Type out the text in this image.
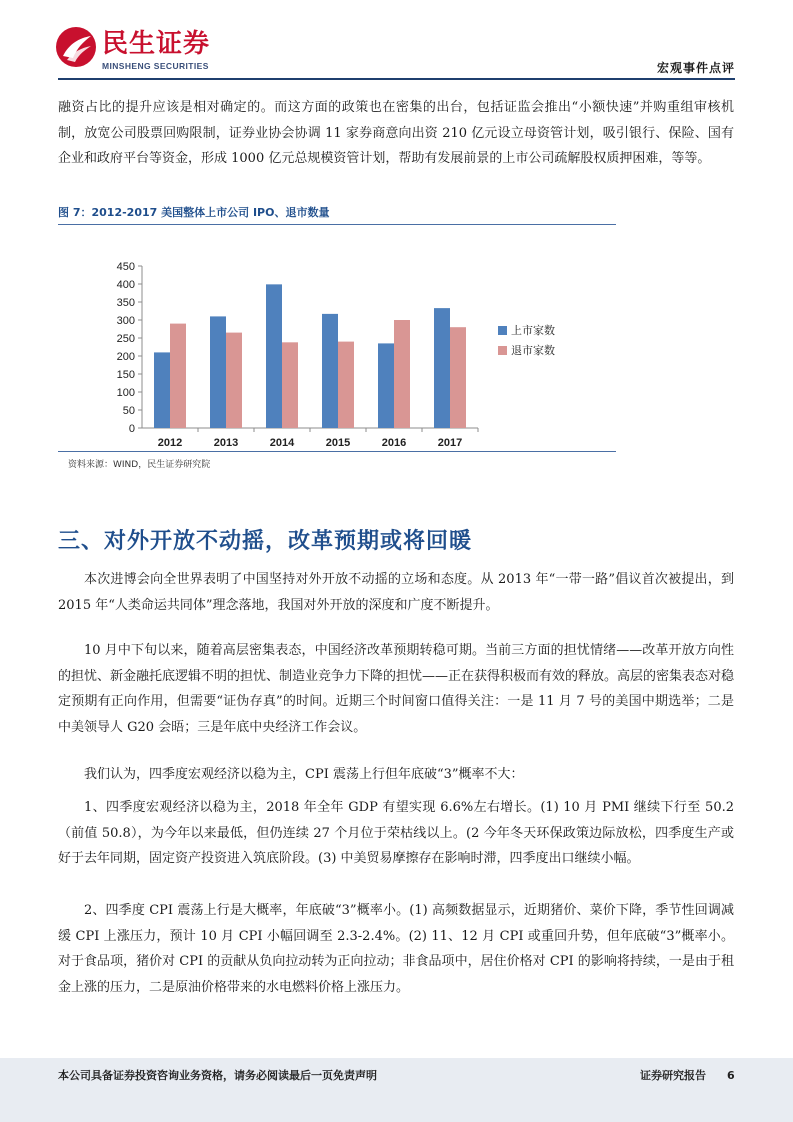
民生证券
MINSHENG SECURITIES	宏观事件点评
融资占比的提升应该是相对确定的。而这方面的政策也在密集的出台，包括证监会推出“小额快速”并购重组审核机制，放宽公司股票回购限制，证券业协会协调 11 家券商意向出资 210 亿元设立母资管计划，吸引银行、保险、国有企业和政府平台等资金，形成 1000 亿元总规模资管计划，帮助有发展前景的上市公司疏解股权质押困难，等等。
图 7：2012-2017 美国整体上市公司 IPO、退市数量
0
50
100
150
200
250
300
350
400
450
2012	2013	2014	2015	2016	2017
上市家数
退市家数
资料来源：WIND，民生证券研究院
三、对外开放不动摇，改革预期或将回暖
本次进博会向全世界表明了中国坚持对外开放不动摇的立场和态度。从 2013 年“一带一路”倡议首次被提出，到 2015 年“人类命运共同体”理念落地，我国对外开放的深度和广度不断提升。
10 月中下旬以来，随着高层密集表态，中国经济改革预期转稳可期。当前三方面的担忧情绪——改革开放方向性的担忧、新金融托底逻辑不明的担忧、制造业竞争力下降的担忧——正在获得积极而有效的释放。高层的密集表态对稳定预期有正向作用，但需要“证伪存真”的时间。近期三个时间窗口值得关注：一是 11 月 7 号的美国中期选举；二是中美领导人 G20 会晤；三是年底中央经济工作会议。
我们认为，四季度宏观经济以稳为主，CPI 震荡上行但年底破“3”概率不大：
1、四季度宏观经济以稳为主，2018 年全年 GDP 有望实现 6.6%左右增长。(1) 10 月 PMI 继续下行至 50.2（前值 50.8），为今年以来最低，但仍连续 27 个月位于荣枯线以上。(2 今年冬天环保政策边际放松，四季度生产或好于去年同期，固定资产投资进入筑底阶段。(3) 中美贸易摩擦存在影响时滞，四季度出口继续小幅。
2、四季度 CPI 震荡上行是大概率，年底破“3”概率小。(1) 高频数据显示，近期猪价、菜价下降，季节性回调减缓 CPI 上涨压力，预计 10 月 CPI 小幅回调至 2.3-2.4%。(2) 11、12 月 CPI 或重回升势，但年底破“3”概率小。对于食品项，猪价对 CPI 的贡献从负向拉动转为正向拉动；非食品项中，居住价格对 CPI 的影响将持续，一是由于租金上涨的压力，二是原油价格带来的水电燃料价格上涨压力。
本公司具备证券投资咨询业务资格，请务必阅读最后一页免责声明	证券研究报告 6
